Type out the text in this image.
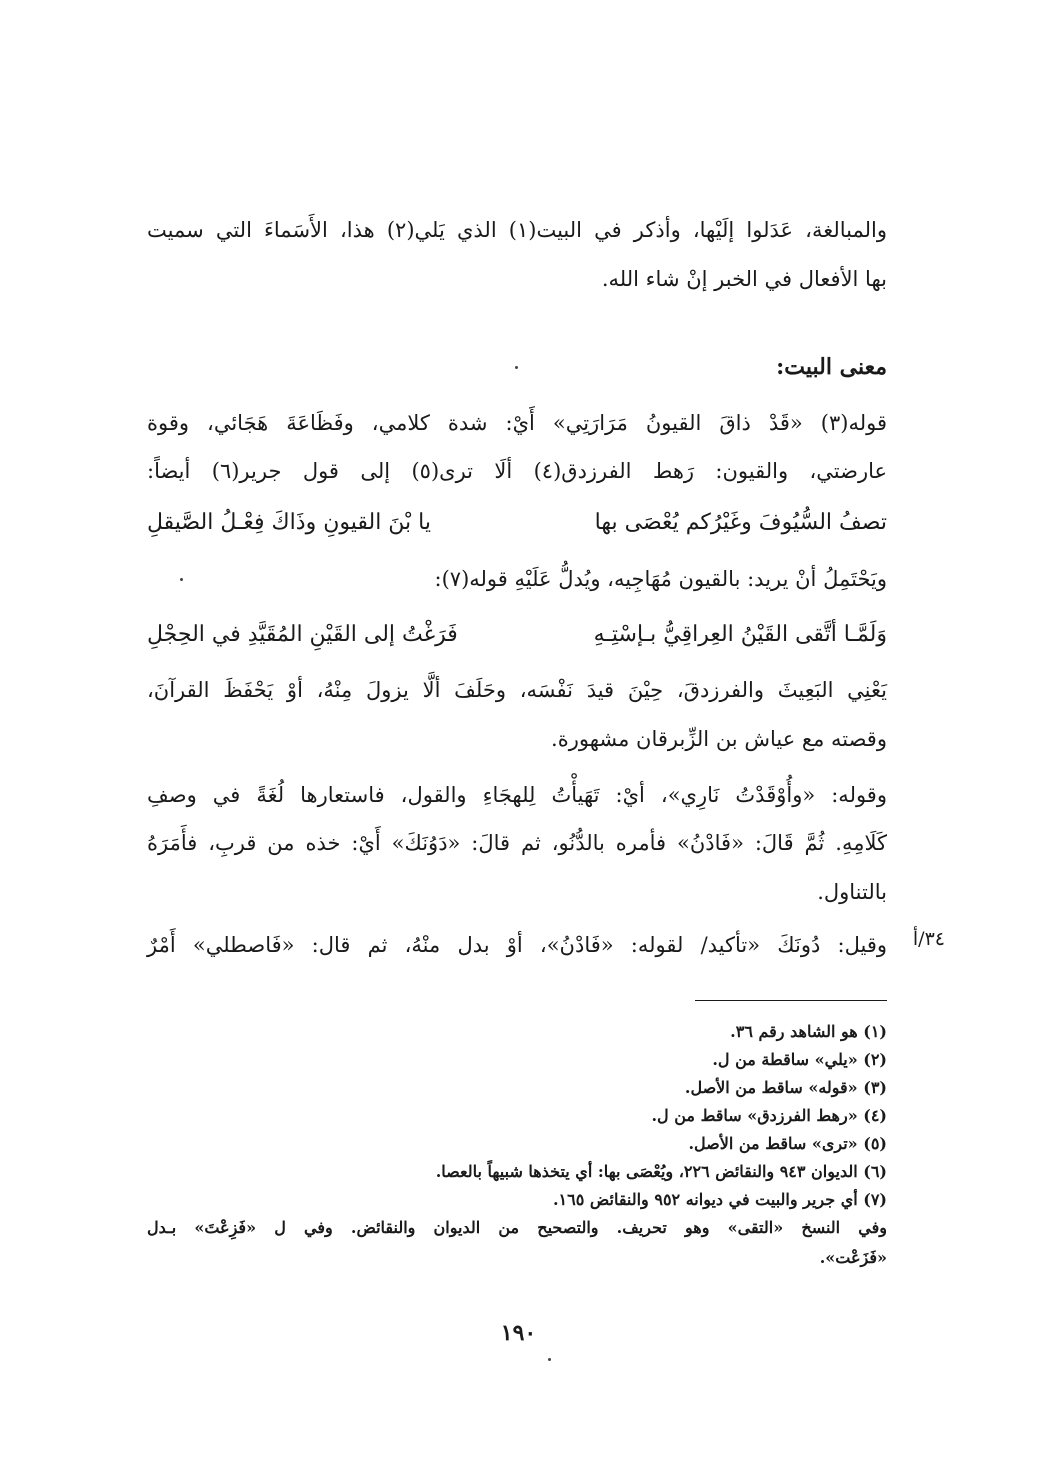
والمبالغة، عَدَلوا إلَيْها، وأذكر في البيت(١) الذي يَلي(٢) هذا، الأَسَماءَ التي سميت
بها الأفعال في الخبر إنْ شاء الله.
معنى البيت:
قوله(٣) «قَدْ ذاقَ القيونُ مَرَارَتِي» أَيْ: شدة كلامي، وفَظَاعَةَ هَجَائي، وقوة
عارضتي، والقيون: رَهط الفرزدق(٤) ألَا ترى(٥) إلى قول جرير(٦) أيضاً:
تصفُ السُّيُوفَ وغَيْرُكم يُعْصَى بها
يا بْنَ القيونِ وذَاكَ فِعْـلُ الصَّيقلِ
ويَحْتَمِلُ أنْ يريد: بالقيون مُهَاجِيه، ويُدلُّ عَلَيْهِ قوله(٧):
وَلَمَّـا أتَّقى القَيْنُ العِراقِيُّ بـإسْتِـهِ
فَرَغْتُ إلى القَيْنِ المُقَيَّدِ في الحِجْلِ
يَعْنِي البَعِيثَ والفرزدقَ، حِيْنَ قيدَ نَفْسَه، وحَلَفَ ألَّا يزولَ مِنْهُ، أوْ يَحْفَظَ القرآنَ،
وقصته مع عياش بن الزِّبرقان مشهورة.
وقوله: «وأُوْقَدْتُ نَارِي»، أيْ: تَهَيأْتُ لِلهجَاءِ والقول، فاستعارها لُغَةً في وصفِ
كَلَامِهِ. ثُمَّ قَالَ: «فَادْنُ» فأمره بالدُّنُو، ثم قالَ: «دَوُنَكَ» أَيْ: خذه من قربِ، فأَمَرَهُ
بالتناول.
وقيل: دُونَكَ «تأكيد/ لقوله: «فَادْنُ»، أوْ بدل منْهُ، ثم قال: «فَاصطلي» أَمْرٌ ٣٤/أ
(١) هو الشاهد رقم ٣٦.
(٢) «يلي» ساقطة من ل.
(٣) «قوله» ساقط من الأصل.
(٤) «رهط الفرزدق» ساقط من ل.
(٥) «ترى» ساقط من الأصل.
(٦) الديوان ٩٤٣ والنقائض ٢٢٦، ويُعْصَى بها: أي يتخذها شبيهاً بالعصا.
(٧) أي جرير والبيت في ديوانه ٩٥٢ والنقائض ١٦٥.
وفي النسخ «التقى» وهو تحريف. والتصحيح من الديوان والنقائض. وفي ل «فَزِعْتَ» بـدل
«فَزَعْت».
١٩٠
